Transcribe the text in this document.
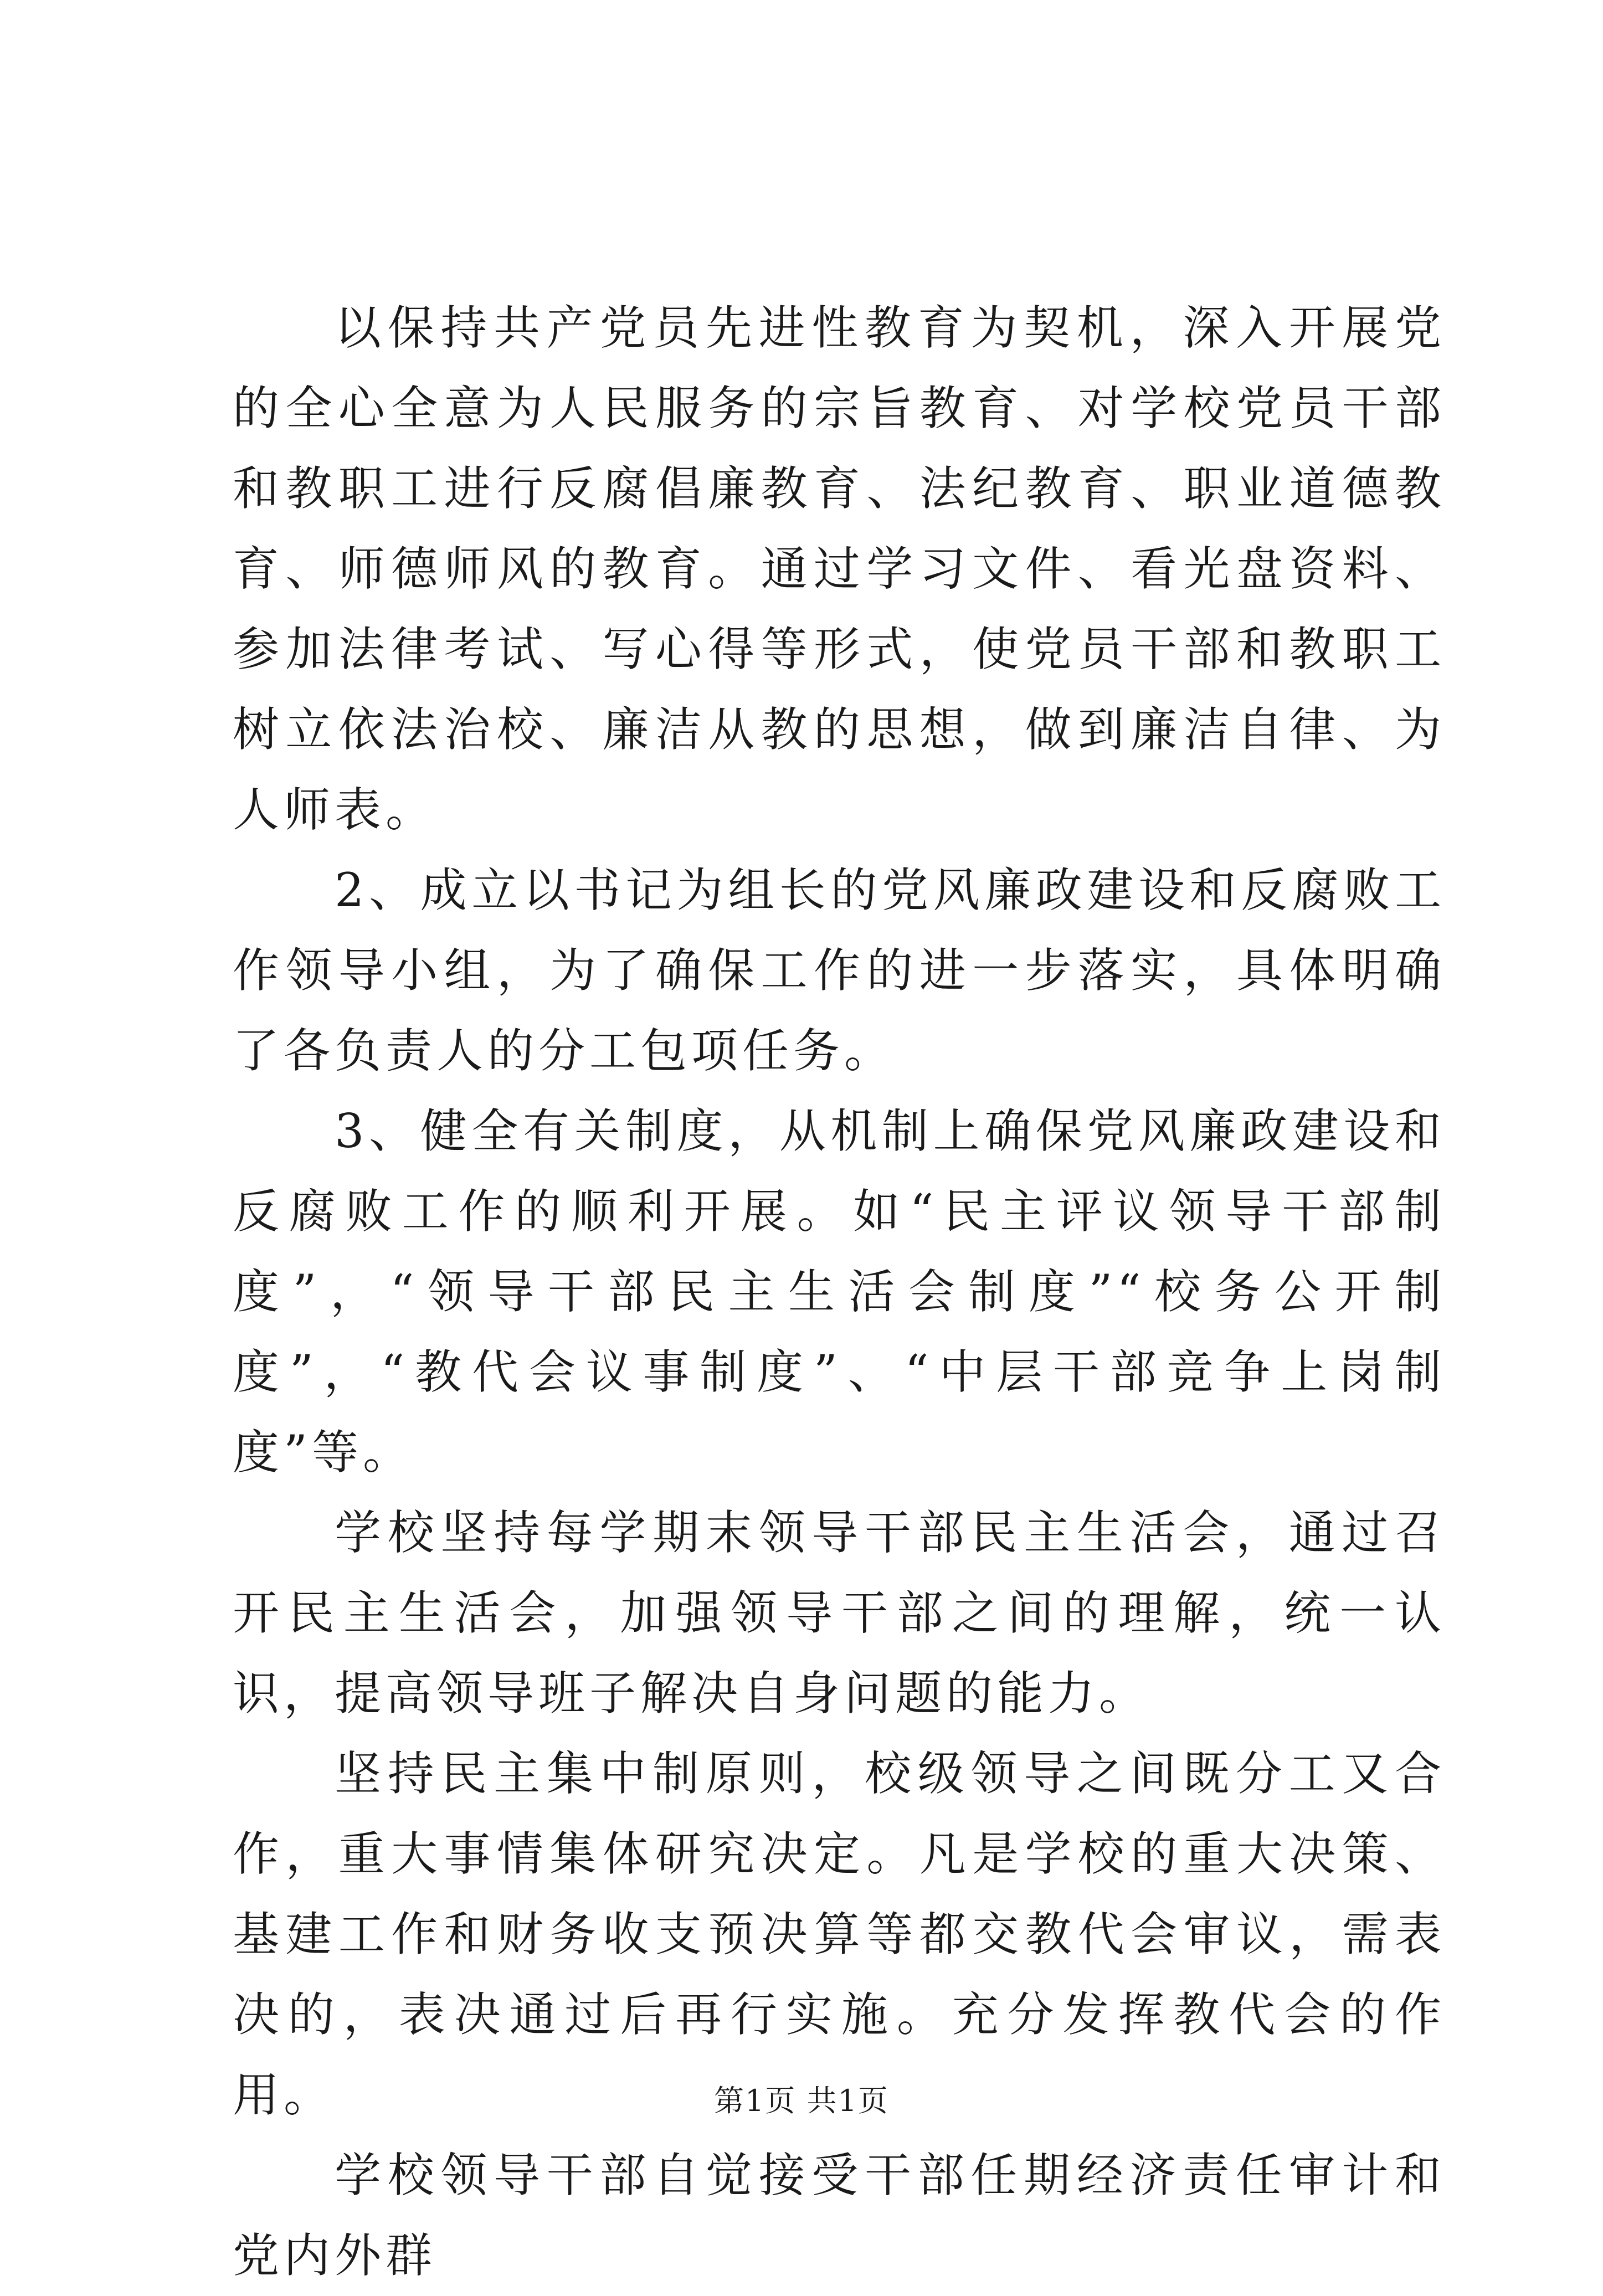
以保持共产党员先进性教育为契机，深入开展党的全心全意为人民服务的宗旨教育、对学校党员干部和教职工进行反腐倡廉教育、法纪教育、职业道德教育、师德师风的教育。通过学习文件、看光盘资料、参加法律考试、写心得等形式，使党员干部和教职工树立依法治校、廉洁从教的思想，做到廉洁自律、为人师表。

2、成立以书记为组长的党风廉政建设和反腐败工作领导小组，为了确保工作的进一步落实，具体明确了各负责人的分工包项任务。

3、健全有关制度，从机制上确保党风廉政建设和反腐败工作的顺利开展。如“民主评议领导干部制度”，“领导干部民主生活会制度”“校务公开制度”，“教代会议事制度”、“中层干部竞争上岗制度”等。

学校坚持每学期末领导干部民主生活会，通过召开民主生活会，加强领导干部之间的理解，统一认识，提高领导班子解决自身问题的能力。

坚持民主集中制原则，校级领导之间既分工又合作，重大事情集体研究决定。凡是学校的重大决策、基建工作和财务收支预决算等都交教代会审议，需表决的，表决通过后再行实施。充分发挥教代会的作用。

学校领导干部自觉接受干部任期经济责任审计和党内外群

第1页 共1页
